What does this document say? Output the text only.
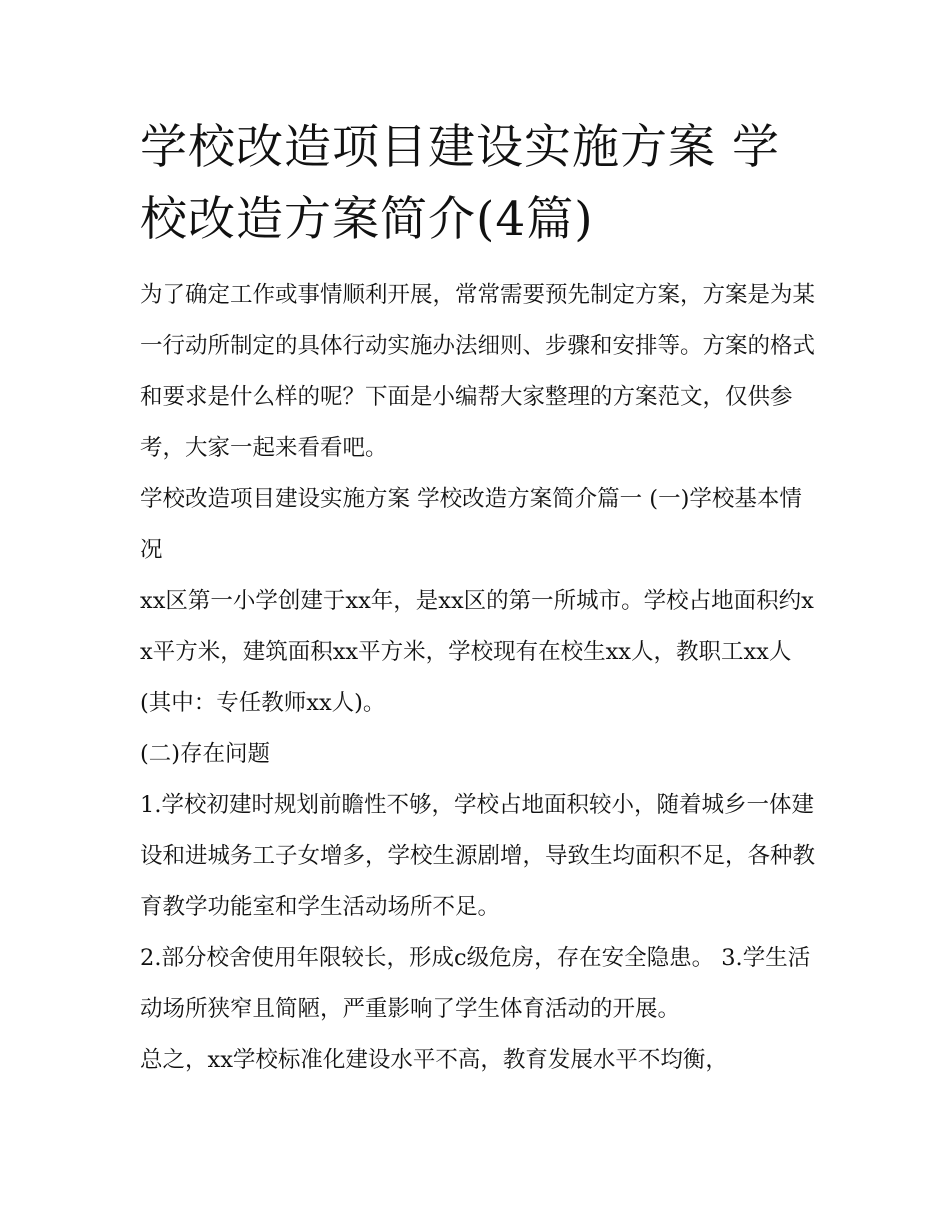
学校改造项目建设实施方案 学校改造方案简介(4篇)

为了确定工作或事情顺利开展，常常需要预先制定方案，方案是为某一行动所制定的具体行动实施办法细则、步骤和安排等。方案的格式和要求是什么样的呢？下面是小编帮大家整理的方案范文，仅供参考，大家一起来看看吧。

学校改造项目建设实施方案 学校改造方案简介篇一 (一)学校基本情况

xx区第一小学创建于xx年，是xx区的第一所城市。学校占地面积约xx平方米，建筑面积xx平方米，学校现有在校生xx人，教职工xx人(其中：专任教师xx人)。

(二)存在问题

1.学校初建时规划前瞻性不够，学校占地面积较小，随着城乡一体建设和进城务工子女增多，学校生源剧增，导致生均面积不足，各种教育教学功能室和学生活动场所不足。

2.部分校舍使用年限较长，形成c级危房，存在安全隐患。 3.学生活动场所狭窄且简陋，严重影响了学生体育活动的开展。

总之，xx学校标准化建设水平不高，教育发展水平不均衡，
